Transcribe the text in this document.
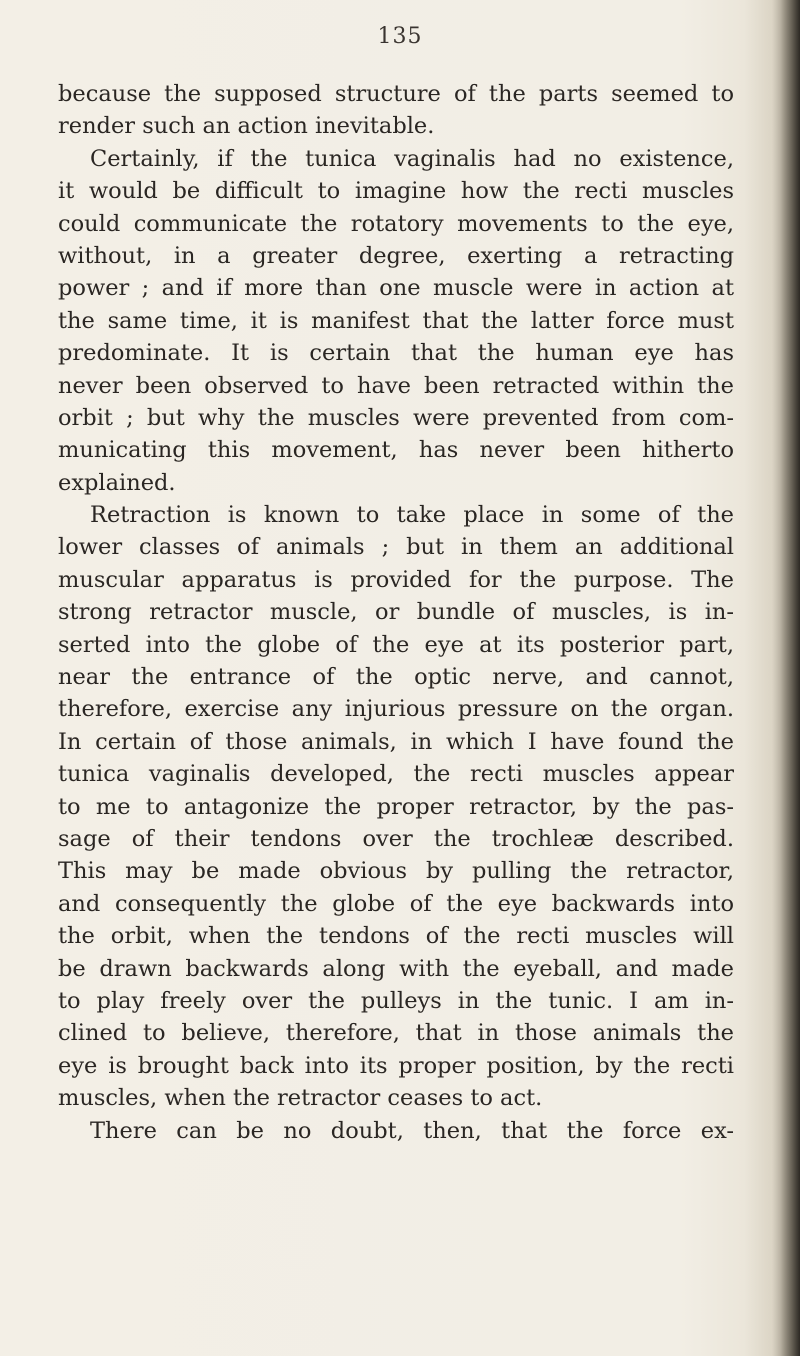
135
because the supposed structure of the parts seemed to
render such an action inevitable.
Certainly, if the tunica vaginalis had no existence,
it would be difficult to imagine how the recti muscles
could communicate the rotatory movements to the eye,
without, in a greater degree, exerting a retracting
power ; and if more than one muscle were in action at
the same time, it is manifest that the latter force must
predominate. It is certain that the human eye has
never been observed to have been retracted within the
orbit ; but why the muscles were prevented from com-
municating this movement, has never been hitherto
explained.
Retraction is known to take place in some of the
lower classes of animals ; but in them an additional
muscular apparatus is provided for the purpose. The
strong retractor muscle, or bundle of muscles, is in-
serted into the globe of the eye at its posterior part,
near the entrance of the optic nerve, and cannot,
therefore, exercise any injurious pressure on the organ.
In certain of those animals, in which I have found the
tunica vaginalis developed, the recti muscles appear
to me to antagonize the proper retractor, by the pas-
sage of their tendons over the trochleæ described.
This may be made obvious by pulling the retractor,
and consequently the globe of the eye backwards into
the orbit, when the tendons of the recti muscles will
be drawn backwards along with the eyeball, and made
to play freely over the pulleys in the tunic. I am in-
clined to believe, therefore, that in those animals the
eye is brought back into its proper position, by the recti
muscles, when the retractor ceases to act.
There can be no doubt, then, that the force ex-
